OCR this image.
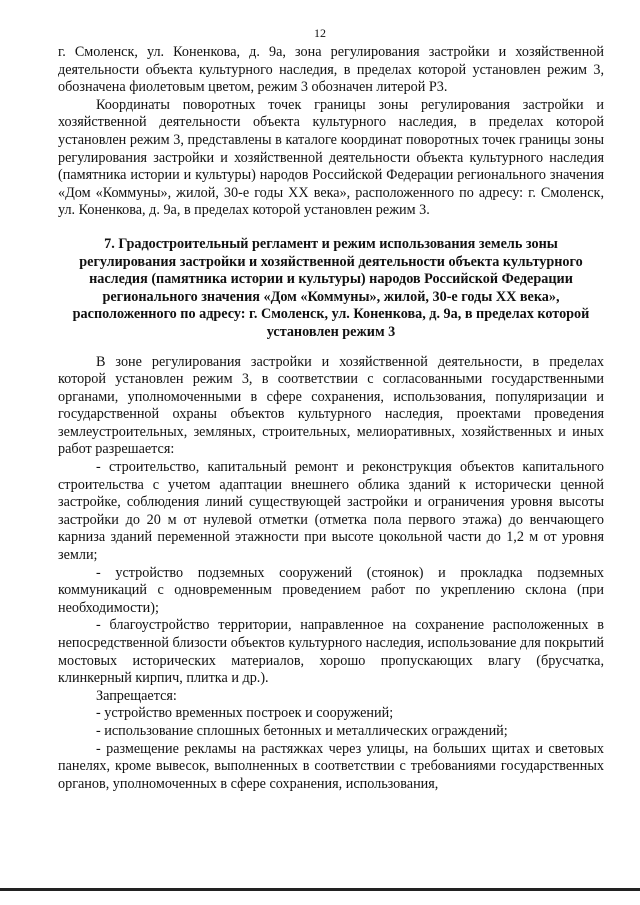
12

г. Смоленск, ул. Коненкова, д. 9а, зона регулирования застройки и хозяйственной деятельности объекта культурного наследия, в пределах которой установлен режим 3, обозначена фиолетовым цветом, режим 3 обозначен литерой Р3.

Координаты поворотных точек границы зоны регулирования застройки и хозяйственной деятельности объекта культурного наследия, в пределах которой установлен режим 3, представлены в каталоге координат поворотных точек границы зоны регулирования застройки и хозяйственной деятельности объекта культурного наследия (памятника истории и культуры) народов Российской Федерации регионального значения «Дом «Коммуны», жилой, 30-е годы XX века», расположенного по адресу: г. Смоленск, ул. Коненкова, д. 9а, в пределах которой установлен режим 3.

7. Градостроительный регламент и режим использования земель зоны регулирования застройки и хозяйственной деятельности объекта культурного наследия (памятника истории и культуры) народов Российской Федерации регионального значения «Дом «Коммуны», жилой, 30-е годы XX века», расположенного по адресу: г. Смоленск, ул. Коненкова, д. 9а, в пределах которой установлен режим 3

В зоне регулирования застройки и хозяйственной деятельности, в пределах которой установлен режим 3, в соответствии с согласованными государственными органами, уполномоченными в сфере сохранения, использования, популяризации и государственной охраны объектов культурного наследия, проектами проведения землеустроительных, земляных, строительных, мелиоративных, хозяйственных и иных работ разрешается:

- строительство, капитальный ремонт и реконструкция объектов капитального строительства с учетом адаптации внешнего облика зданий к исторически ценной застройке, соблюдения линий существующей застройки и ограничения уровня высоты застройки до 20 м от нулевой отметки (отметка пола первого этажа) до венчающего карниза зданий переменной этажности при высоте цокольной части до 1,2 м от уровня земли;

- устройство подземных сооружений (стоянок) и прокладка подземных коммуникаций с одновременным проведением работ по укреплению склона (при необходимости);

- благоустройство территории, направленное на сохранение расположенных в непосредственной близости объектов культурного наследия, использование для покрытий мостовых исторических материалов, хорошо пропускающих влагу (брусчатка, клинкерный кирпич, плитка и др.).

Запрещается:

- устройство временных построек и сооружений;

- использование сплошных бетонных и металлических ограждений;

- размещение рекламы на растяжках через улицы, на больших щитах и световых панелях, кроме вывесок, выполненных в соответствии с требованиями государственных органов, уполномоченных в сфере сохранения, использования,
